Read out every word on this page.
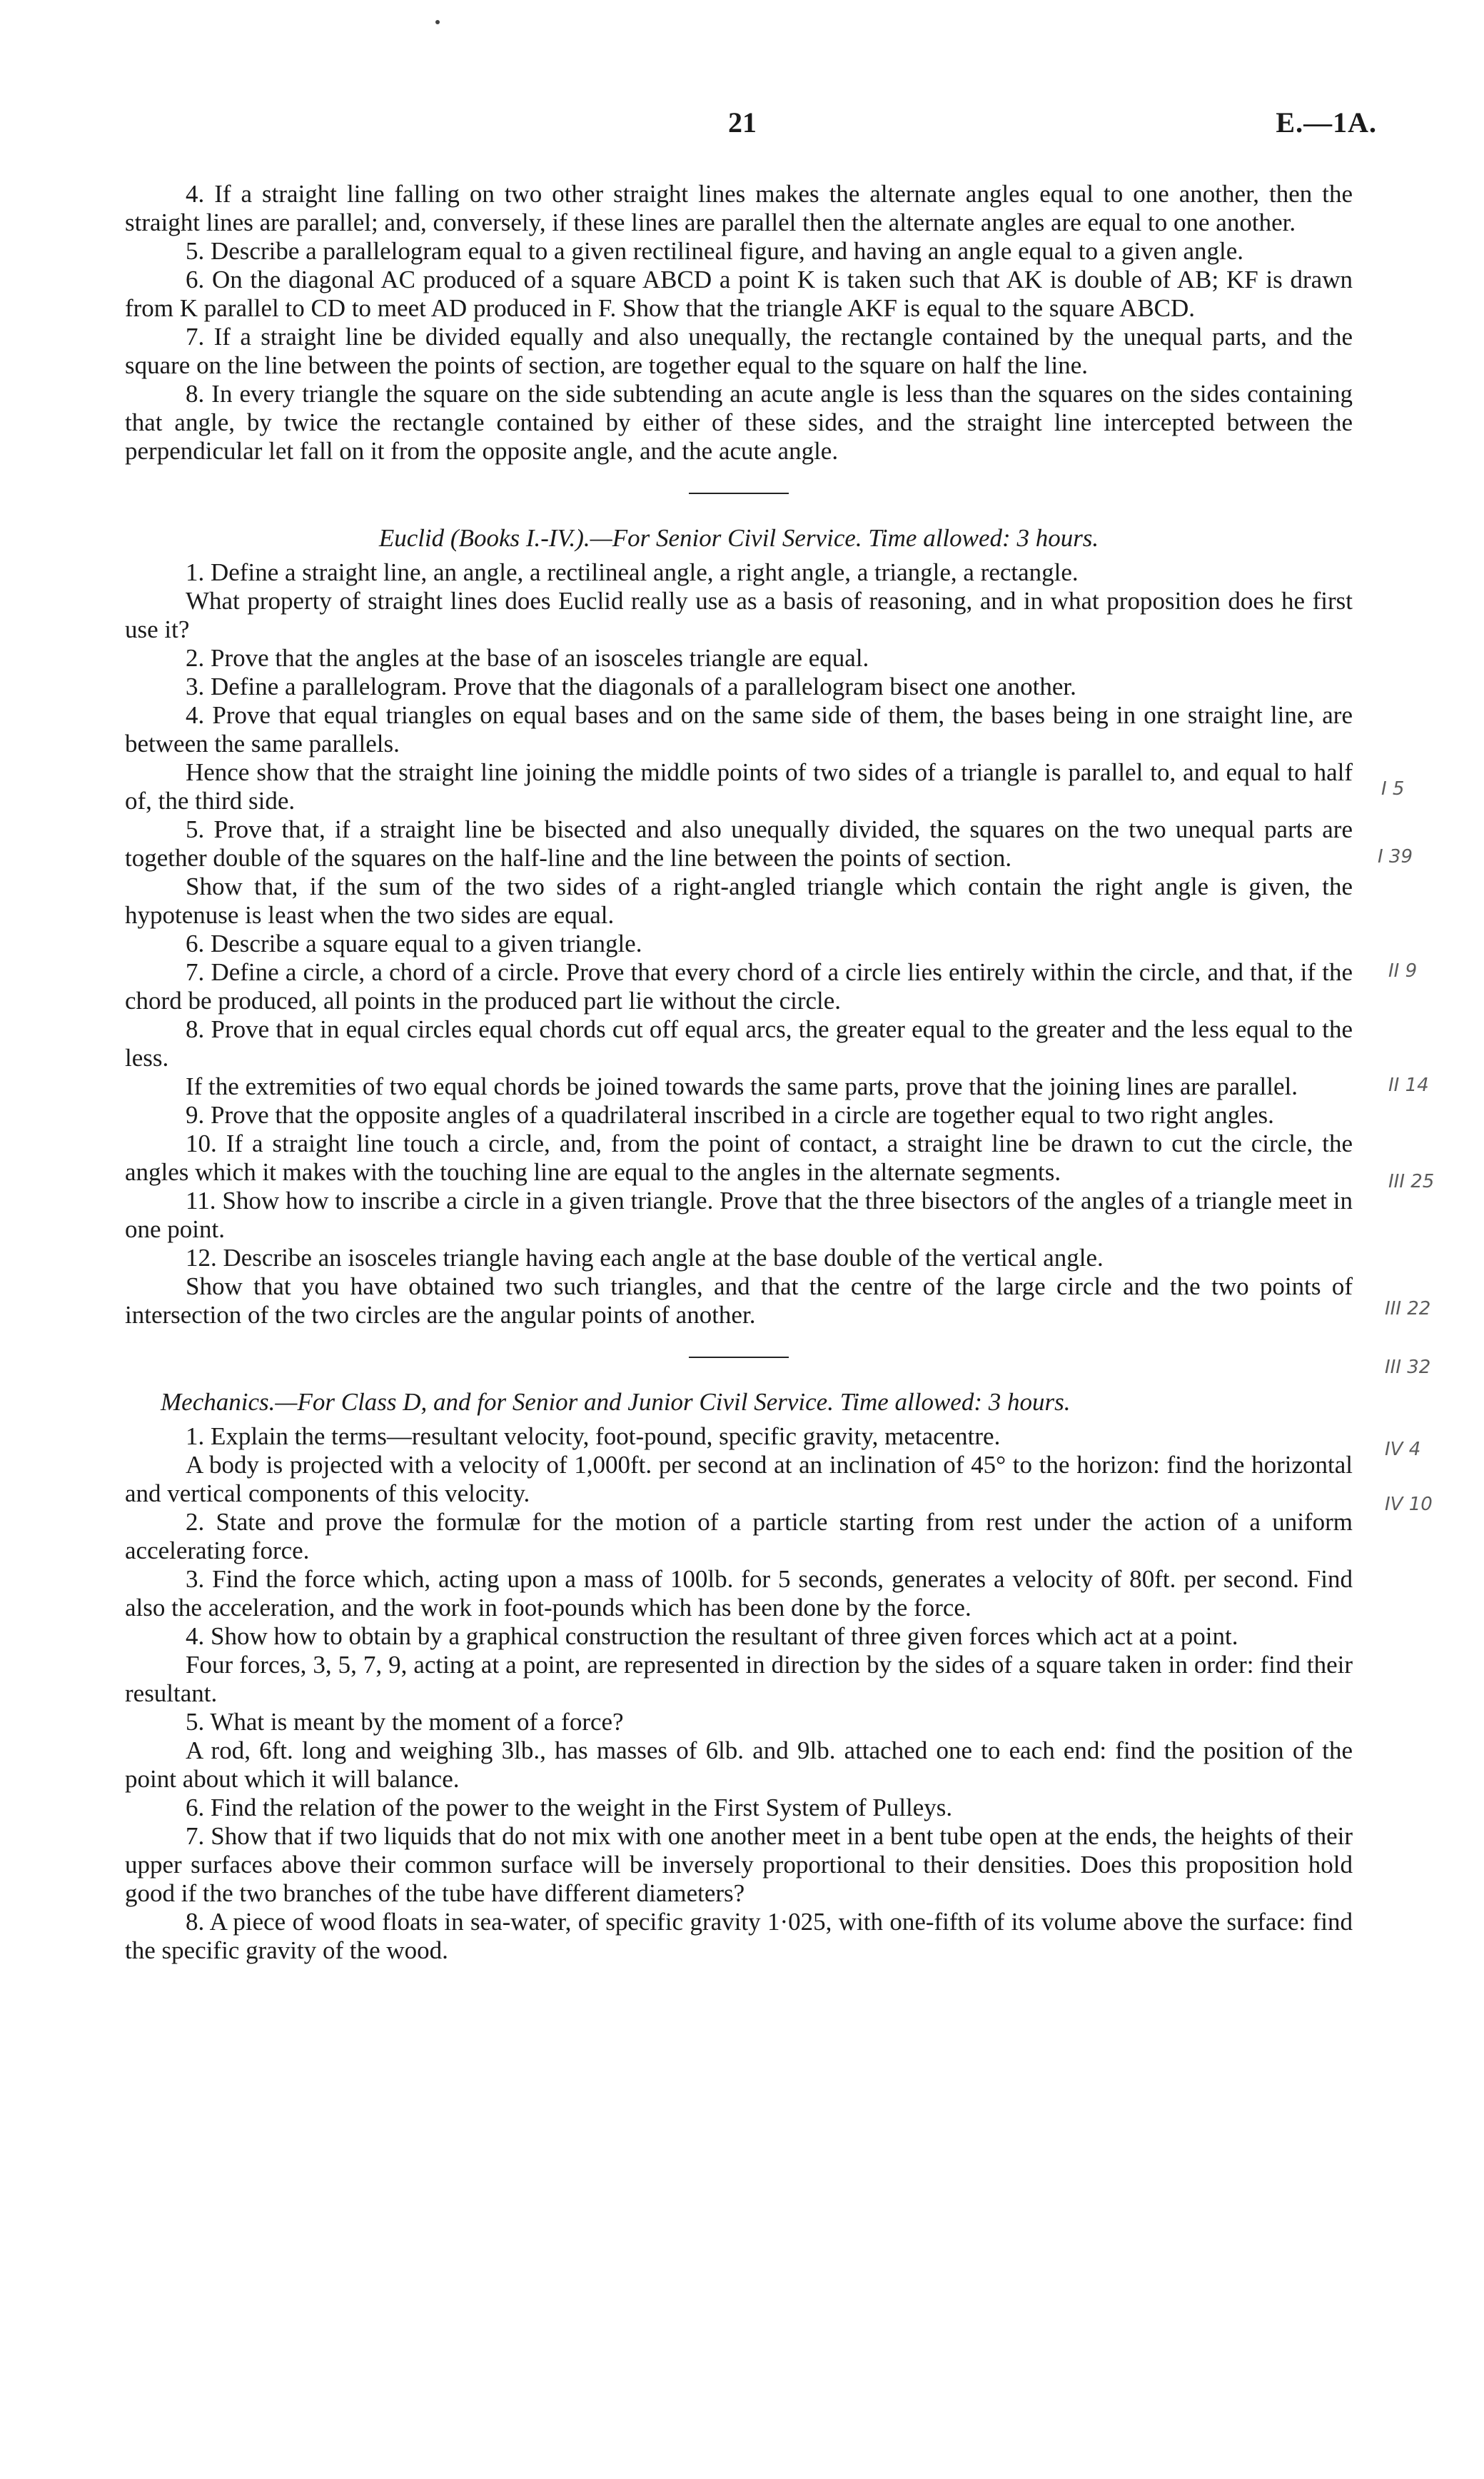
21	E.—1A.

4. If a straight line falling on two other straight lines makes the alternate angles equal to one another, then the straight lines are parallel; and, conversely, if these lines are parallel then the alternate angles are equal to one another.

5. Describe a parallelogram equal to a given rectilineal figure, and having an angle equal to a given angle.

6. On the diagonal AC produced of a square ABCD a point K is taken such that AK is double of AB; KF is drawn from K parallel to CD to meet AD produced in F. Show that the triangle AKF is equal to the square ABCD.

7. If a straight line be divided equally and also unequally, the rectangle contained by the unequal parts, and the square on the line between the points of section, are together equal to the square on half the line.

8. In every triangle the square on the side subtending an acute angle is less than the squares on the sides containing that angle, by twice the rectangle contained by either of these sides, and the straight line intercepted between the perpendicular let fall on it from the opposite angle, and the acute angle.

Euclid (Books I.-IV.).—For Senior Civil Service. Time allowed: 3 hours.

1. Define a straight line, an angle, a rectilineal angle, a right angle, a triangle, a rectangle.

What property of straight lines does Euclid really use as a basis of reasoning, and in what proposition does he first use it?

2. Prove that the angles at the base of an isosceles triangle are equal.

3. Define a parallelogram. Prove that the diagonals of a parallelogram bisect one another.

4. Prove that equal triangles on equal bases and on the same side of them, the bases being in one straight line, are between the same parallels.

Hence show that the straight line joining the middle points of two sides of a triangle is parallel to, and equal to half of, the third side.

5. Prove that, if a straight line be bisected and also unequally divided, the squares on the two unequal parts are together double of the squares on the half-line and the line between the points of section.

Show that, if the sum of the two sides of a right-angled triangle which contain the right angle is given, the hypotenuse is least when the two sides are equal.

6. Describe a square equal to a given triangle.

7. Define a circle, a chord of a circle. Prove that every chord of a circle lies entirely within the circle, and that, if the chord be produced, all points in the produced part lie without the circle.

8. Prove that in equal circles equal chords cut off equal arcs, the greater equal to the greater and the less equal to the less.

If the extremities of two equal chords be joined towards the same parts, prove that the joining lines are parallel.

9. Prove that the opposite angles of a quadrilateral inscribed in a circle are together equal to two right angles.

10. If a straight line touch a circle, and, from the point of contact, a straight line be drawn to cut the circle, the angles which it makes with the touching line are equal to the angles in the alternate segments.

11. Show how to inscribe a circle in a given triangle. Prove that the three bisectors of the angles of a triangle meet in one point.

12. Describe an isosceles triangle having each angle at the base double of the vertical angle.

Show that you have obtained two such triangles, and that the centre of the large circle and the two points of intersection of the two circles are the angular points of another.

Mechanics.—For Class D, and for Senior and Junior Civil Service. Time allowed: 3 hours.

1. Explain the terms—resultant velocity, foot-pound, specific gravity, metacentre.

A body is projected with a velocity of 1,000ft. per second at an inclination of 45° to the horizon: find the horizontal and vertical components of this velocity.

2. State and prove the formulæ for the motion of a particle starting from rest under the action of a uniform accelerating force.

3. Find the force which, acting upon a mass of 100lb. for 5 seconds, generates a velocity of 80ft. per second. Find also the acceleration, and the work in foot-pounds which has been done by the force.

4. Show how to obtain by a graphical construction the resultant of three given forces which act at a point.

Four forces, 3, 5, 7, 9, acting at a point, are represented in direction by the sides of a square taken in order: find their resultant.

5. What is meant by the moment of a force?

A rod, 6ft. long and weighing 3lb., has masses of 6lb. and 9lb. attached one to each end: find the position of the point about which it will balance.

6. Find the relation of the power to the weight in the First System of Pulleys.

7. Show that if two liquids that do not mix with one another meet in a bent tube open at the ends, the heights of their upper surfaces above their common surface will be inversely proportional to their densities. Does this proposition hold good if the two branches of the tube have different diameters?

8. A piece of wood floats in sea-water, of specific gravity 1·025, with one-fifth of its volume above the surface: find the specific gravity of the wood.

I 5
I 39
II 9
II 14
III 25
III 22
III 32
IV 4
IV 10
